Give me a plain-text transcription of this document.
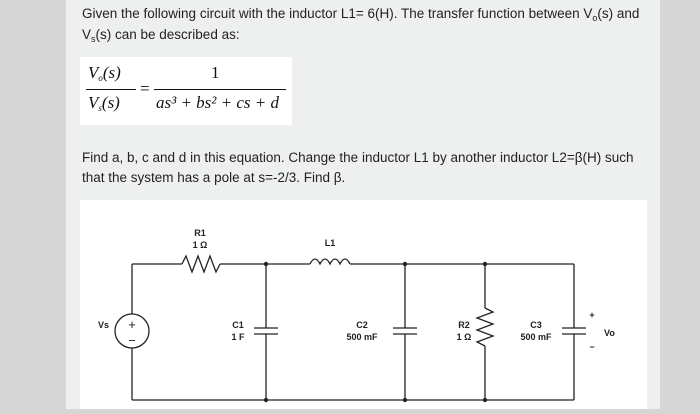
Given the following circuit with the inductor L1= 6(H). The transfer function between $V_o(s)$ and
$V_s(s)$ can be described as:
Vo(s)
Vs(s)
=
1
as³ + bs² + cs + d
Find a, b, c and d in this equation. Change the inductor L1 by another inductor L2=β(H) such
that the system has a pole at s=-2/3. Find β.
+
−
Vs
R1
1 Ω	L1
C1
1 F
C2
500 mF
R2
1 Ω
C3
500 mF
+
−
Vo
